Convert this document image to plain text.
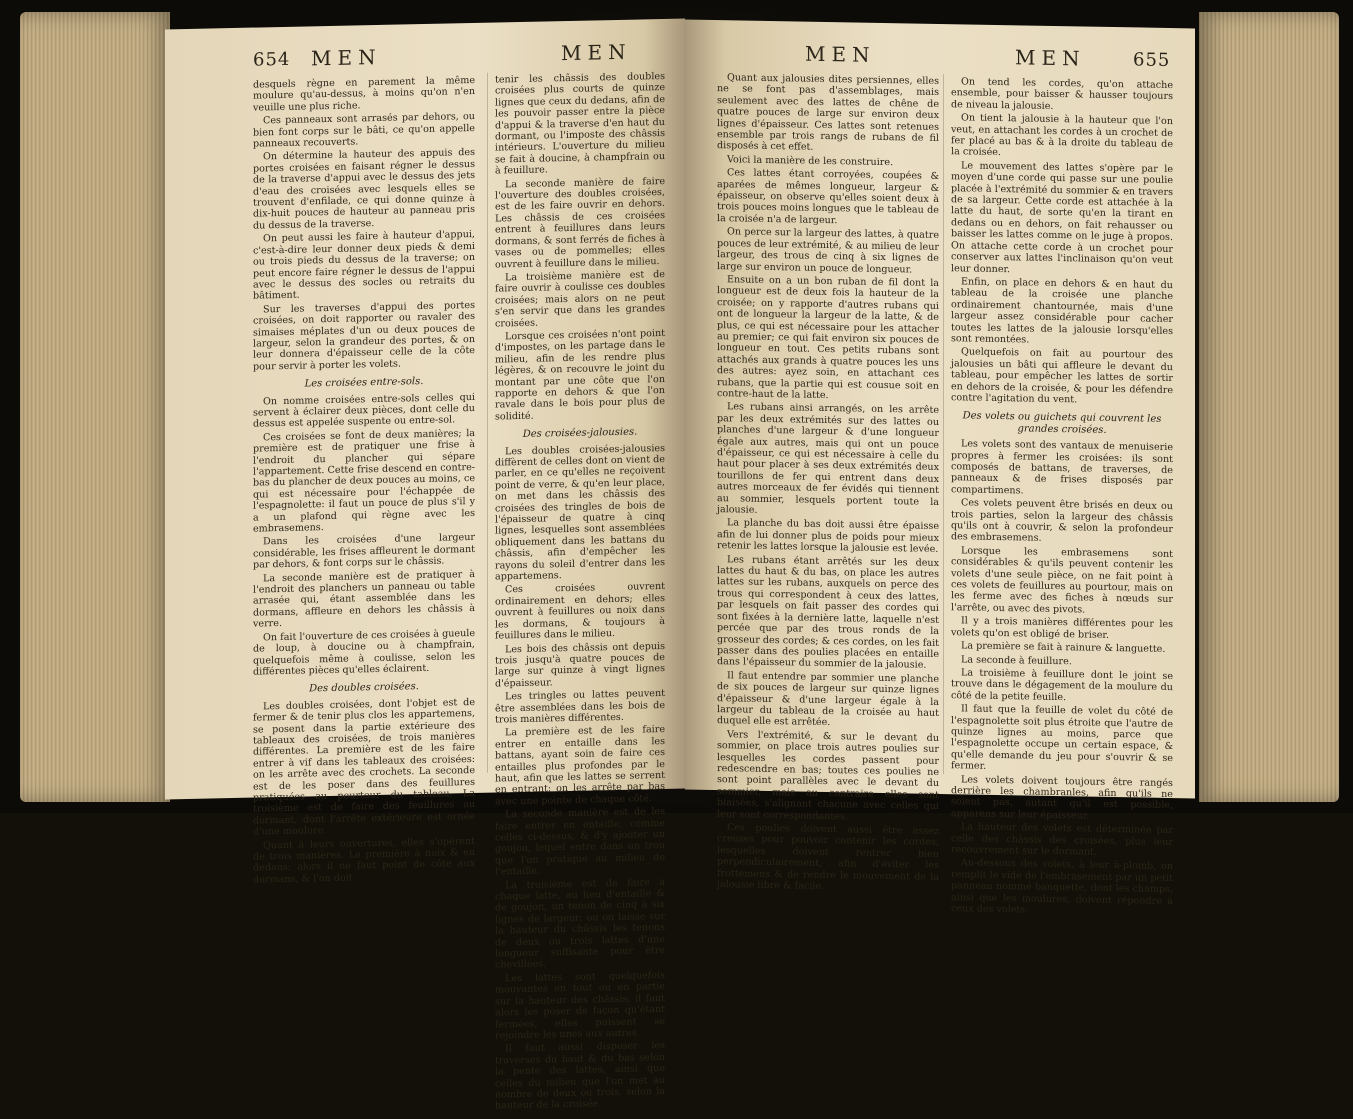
654 MEN	MEN

desquels règne en parement la même moulure qu'au-dessus, à moins qu'on n'en veuille une plus riche.

Ces panneaux sont arrasés par dehors, ou bien font corps sur le bâti, ce qu'on appelle panneaux recouverts.

On détermine la hauteur des appuis des portes croisées en faisant régner le dessus de la traverse d'appui avec le dessus des jets d'eau des croisées avec lesquels elles se trouvent d'enfilade, ce qui donne quinze à dix-huit pouces de hauteur au panneau pris du dessus de la traverse.

On peut aussi les faire à hauteur d'appui, c'est-à-dire leur donner deux pieds & demi ou trois pieds du dessus de la traverse; on peut encore faire régner le dessus de l'appui avec le dessus des socles ou retraits du bâtiment.

Sur les traverses d'appui des portes croisées, on doit rapporter ou ravaler des simaises méplates d'un ou deux pouces de largeur, selon la grandeur des portes, & on leur donnera d'épaisseur celle de la côte pour servir à porter les volets.

Les croisées entre-sols.

On nomme croisées entre-sols celles qui servent à éclairer deux pièces, dont celle du dessus est appelée suspente ou entre-sol.

Ces croisées se font de deux manières; la première est de pratiquer une frise à l'endroit du plancher qui sépare l'appartement. Cette frise descend en contre-bas du plancher de deux pouces au moins, ce qui est nécessaire pour l'échappée de l'espagnolette: il faut un pouce de plus s'il y a un plafond qui règne avec les embrasemens.

Dans les croisées d'une largeur considérable, les frises affleurent le dormant par dehors, & font corps sur le châssis.

La seconde manière est de pratiquer à l'endroit des planchers un panneau ou table arrasée qui, étant assemblée dans les dormans, affleure en dehors les châssis à verre.

On fait l'ouverture de ces croisées à gueule de loup, à doucine ou à champfrain, quelquefois même à coulisse, selon les différentes pièces qu'elles éclairent.

Des doubles croisées.

Les doubles croisées, dont l'objet est de fermer & de tenir plus clos les appartemens, se posent dans la partie extérieure des tableaux des croisées, de trois manières différentes. La première est de les faire entrer à vif dans les tableaux des croisées: on les arrête avec des crochets. La seconde est de les poser dans des feuillures pratiquées au pourtour du tableau. La troisième est de faire des feuillures au dormant, dont l'arrête extérieure est ornée d'une moulure.

Quant à leurs ouvertures, elles s'opèrent de trois manières. La première à noix & en dedans: alors il ne faut point de côte aux dormans, & l'on doit

tenir les châssis des doubles croisées plus courts de quinze lignes que ceux du dedans, afin de les pouvoir passer entre la pièce d'appui & la traverse d'en haut du dormant, ou l'imposte des châssis intérieurs. L'ouverture du milieu se fait à doucine, à champfrain ou à feuillure.

La seconde manière de faire l'ouverture des doubles croisées, est de les faire ouvrir en dehors. Les châssis de ces croisées entrent à feuillures dans leurs dormans, & sont ferrés de fiches à vases ou de pommelles; elles ouvrent à feuillure dans le milieu.

La troisième manière est de faire ouvrir à coulisse ces doubles croisées; mais alors on ne peut s'en servir que dans les grandes croisées.

Lorsque ces croisées n'ont point d'impostes, on les partage dans le milieu, afin de les rendre plus légères, & on recouvre le joint du montant par une côte que l'on rapporte en dehors & que l'on ravale dans le bois pour plus de solidité.

Des croisées-jalousies.

Les doubles croisées-jalousies diffèrent de celles dont on vient de parler, en ce qu'elles ne reçoivent point de verre, & qu'en leur place, on met dans les châssis des croisées des tringles de bois de l'épaisseur de quatre à cinq lignes, lesquelles sont assemblées obliquement dans les battans du châssis, afin d'empêcher les rayons du soleil d'entrer dans les appartemens.

Ces croisées ouvrent ordinairement en dehors; elles ouvrent à feuillures ou noix dans les dormans, & toujours à feuillures dans le milieu.

Les bois des châssis ont depuis trois jusqu'à quatre pouces de large sur quinze à vingt lignes d'épaisseur.

Les tringles ou lattes peuvent être assemblées dans les bois de trois manières différentes.

La première est de les faire entrer en entaille dans les battans, ayant soin de faire ces entailles plus profondes par le haut, afin que les lattes se serrent en entrant: on les arrête par bas avec une pointe de chaque côté.

La seconde manière est de les faire entrer en entaille, comme celles ci-dessus, & d'y ajouter un goujon, lequel entre dans un trou que l'on pratique au milieu de l'entaille.

La troisième est de faire à chaque latte, au lieu d'entaille & de goujon, un tenon de cinq à six lignes de largeur; ou on laisse sur la hauteur du châssis les tenons de deux ou trois lattes d'une longueur suffisante pour être chevillées.

Les lattes sont quelquefois mouvantes en tout ou en partie sur la hauteur des châssis; il faut alors les poser de façon qu'étant fermées, elles puissent se rejoindre les unes aux autres.

Il faut aussi disposer les traverses du haut & du bas selon la pente des lattes, ainsi que celles du milieu que l'on met au nombre de deux ou trois, selon la hauteur de la croisée.

MEN	MEN	655

Quant aux jalousies dites persiennes, elles ne se font pas d'assemblages, mais seulement avec des lattes de chêne de quatre pouces de large sur environ deux lignes d'épaisseur. Ces lattes sont retenues ensemble par trois rangs de rubans de fil disposés à cet effet.

Voici la manière de les construire.

Ces lattes étant corroyées, coupées & aparées de mêmes longueur, largeur & épaisseur, on observe qu'elles soient deux à trois pouces moins longues que le tableau de la croisée n'a de largeur.

On perce sur la largeur des lattes, à quatre pouces de leur extrémité, & au milieu de leur largeur, des trous de cinq à six lignes de large sur environ un pouce de longueur.

Ensuite on a un bon ruban de fil dont la longueur est de deux fois la hauteur de la croisée; on y rapporte d'autres rubans qui ont de longueur la largeur de la latte, & de plus, ce qui est nécessaire pour les attacher au premier; ce qui fait environ six pouces de longueur en tout. Ces petits rubans sont attachés aux grands à quatre pouces les uns des autres: ayez soin, en attachant ces rubans, que la partie qui est cousue soit en contre-haut de la latte.

Les rubans ainsi arrangés, on les arrête par les deux extrémités sur des lattes ou planches d'une largeur & d'une longueur égale aux autres, mais qui ont un pouce d'épaisseur, ce qui est nécessaire à celle du haut pour placer à ses deux extrémités deux tourillons de fer qui entrent dans deux autres morceaux de fer évidés qui tiennent au sommier, lesquels portent toute la jalousie.

La planche du bas doit aussi être épaisse afin de lui donner plus de poids pour mieux retenir les lattes lorsque la jalousie est levée.

Les rubans étant arrêtés sur les deux lattes du haut & du bas, on place les autres lattes sur les rubans, auxquels on perce des trous qui correspondent à ceux des lattes, par lesquels on fait passer des cordes qui sont fixées à la dernière latte, laquelle n'est percée que par des trous ronds de la grosseur des cordes; & ces cordes, on les fait passer dans des poulies placées en entaille dans l'épaisseur du sommier de la jalousie.

Il faut entendre par sommier une planche de six pouces de largeur sur quinze lignes d'épaisseur & d'une largeur égale à la largeur du tableau de la croisée au haut duquel elle est arrêtée.

Vers l'extrémité, & sur le devant du sommier, on place trois autres poulies sur lesquelles les cordes passent pour redescendre en bas; toutes ces poulies ne sont point parallèles avec le devant du sommier, mais au contraire elles sont biaisées, s'alignant chacune avec celles qui leur sont correspondantes.

Ces poulies doivent aussi être assez creuses pour pouvoir contenir les cordes, lesquelles doivent rentrer bien perpendiculairement, afin d'éviter les frottemens & de rendre le mouvement de la jalousie libre & facile.

On tend les cordes, qu'on attache ensemble, pour baisser & hausser toujours de niveau la jalousie.

On tient la jalousie à la hauteur que l'on veut, en attachant les cordes à un crochet de fer placé au bas & à la droite du tableau de la croisée.

Le mouvement des lattes s'opère par le moyen d'une corde qui passe sur une poulie placée à l'extrémité du sommier & en travers de sa largeur. Cette corde est attachée à la latte du haut, de sorte qu'en la tirant en dedans ou en dehors, on fait rehausser ou baisser les lattes comme on le juge à propos. On attache cette corde à un crochet pour conserver aux lattes l'inclinaison qu'on veut leur donner.

Enfin, on place en dehors & en haut du tableau de la croisée une planche ordinairement chantournée, mais d'une largeur assez considérable pour cacher toutes les lattes de la jalousie lorsqu'elles sont remontées.

Quelquefois on fait au pourtour des jalousies un bâti qui affleure le devant du tableau, pour empêcher les lattes de sortir en dehors de la croisée, & pour les défendre contre l'agitation du vent.

Des volets ou guichets qui couvrent les grandes croisées.

Les volets sont des vantaux de menuiserie propres à fermer les croisées: ils sont composés de battans, de traverses, de panneaux & de frises disposés par compartimens.

Ces volets peuvent être brisés en deux ou trois parties, selon la largeur des châssis qu'ils ont à couvrir, & selon la profondeur des embrasemens.

Lorsque les embrasemens sont considérables & qu'ils peuvent contenir les volets d'une seule pièce, on ne fait point à ces volets de feuillures au pourtour, mais on les ferme avec des fiches à nœuds sur l'arrête, ou avec des pivots.

Il y a trois manières différentes pour les volets qu'on est obligé de briser.

La première se fait à rainure & languette.

La seconde à feuillure.

La troisième à feuillure dont le joint se trouve dans le dégagement de la moulure du côté de la petite feuille.

Il faut que la feuille de volet du côté de l'espagnolette soit plus étroite que l'autre de quinze lignes au moins, parce que l'espagnolette occupe un certain espace, & qu'elle demande du jeu pour s'ouvrir & se fermer.

Les volets doivent toujours être rangés derrière les chambranles, afin qu'ils ne soient pas, autant qu'il est possible, apparens sur leur épaisseur.

La hauteur des volets est déterminée par celle des châssis des croisées, plus leur recouvrement sur le dormant.

Au-dessous des volets, à leur à-plomb, on remplit le vide de l'embrasement par un petit panneau nommé banquette, dont les champs, ainsi que les moulures, doivent répondre à ceux des volets:
